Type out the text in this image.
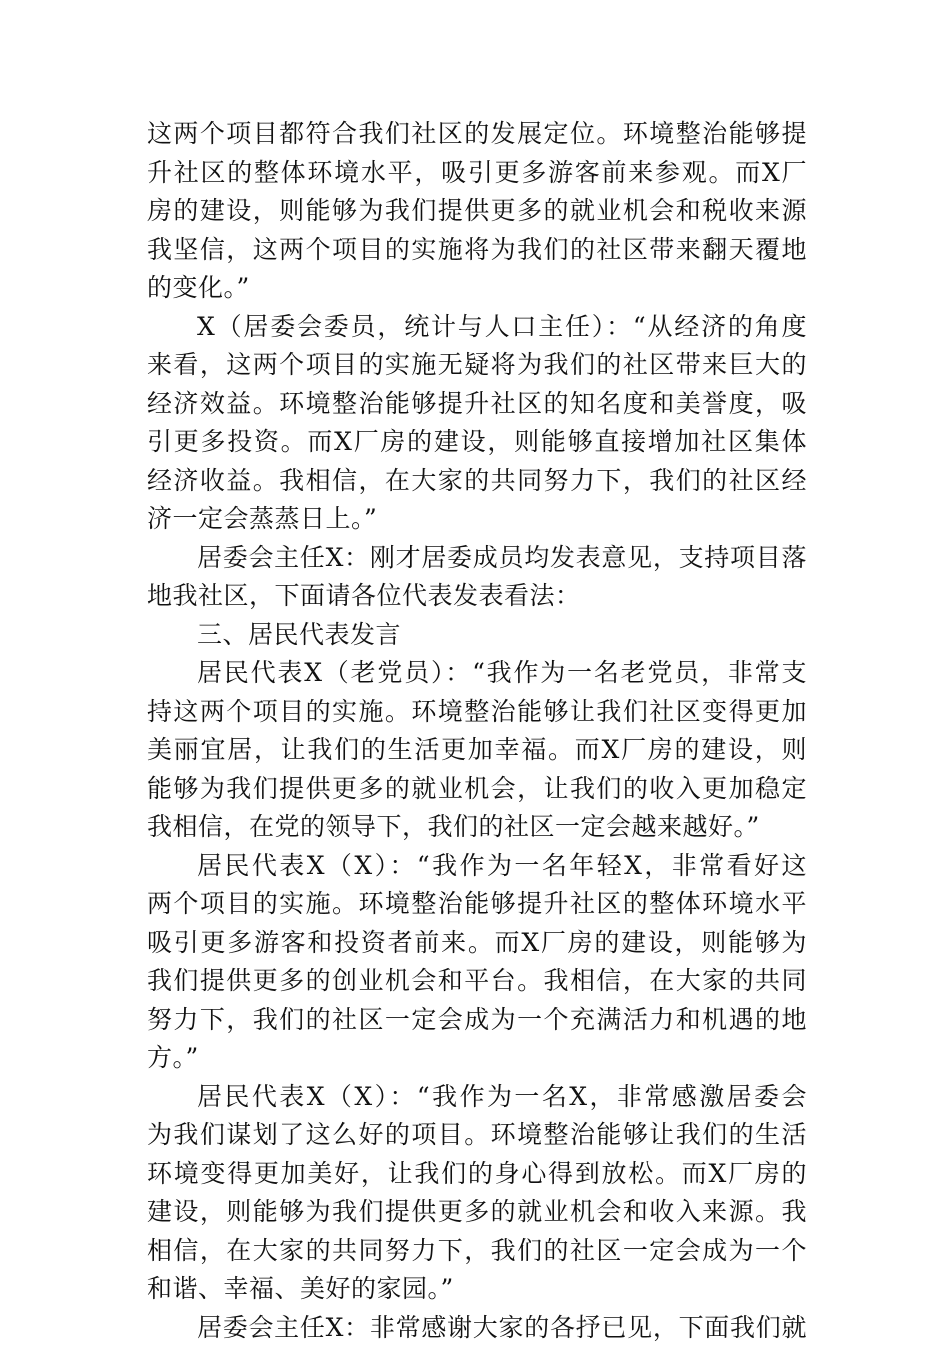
这两个项目都符合我们社区的发展定位。环境整治能够提
升社区的整体环境水平，吸引更多游客前来参观。而X厂
房的建设，则能够为我们提供更多的就业机会和税收来源
我坚信，这两个项目的实施将为我们的社区带来翻天覆地
的变化。”
X（居委会委员，统计与人口主任）：“从经济的角度
来看，这两个项目的实施无疑将为我们的社区带来巨大的
经济效益。环境整治能够提升社区的知名度和美誉度，吸
引更多投资。而X厂房的建设，则能够直接增加社区集体
经济收益。我相信，在大家的共同努力下，我们的社区经
济一定会蒸蒸日上。”
居委会主任X：刚才居委成员均发表意见，支持项目落
地我社区，下面请各位代表发表看法：
三、居民代表发言
居民代表X（老党员）：“我作为一名老党员，非常支
持这两个项目的实施。环境整治能够让我们社区变得更加
美丽宜居，让我们的生活更加幸福。而X厂房的建设，则
能够为我们提供更多的就业机会，让我们的收入更加稳定
我相信，在党的领导下，我们的社区一定会越来越好。”
居民代表X（X）：“我作为一名年轻X，非常看好这
两个项目的实施。环境整治能够提升社区的整体环境水平
吸引更多游客和投资者前来。而X厂房的建设，则能够为
我们提供更多的创业机会和平台。我相信，在大家的共同
努力下，我们的社区一定会成为一个充满活力和机遇的地
方。”
居民代表X（X）：“我作为一名X，非常感激居委会
为我们谋划了这么好的项目。环境整治能够让我们的生活
环境变得更加美好，让我们的身心得到放松。而X厂房的
建设，则能够为我们提供更多的就业机会和收入来源。我
相信，在大家的共同努力下，我们的社区一定会成为一个
和谐、幸福、美好的家园。”
居委会主任X：非常感谢大家的各抒已见，下面我们就
